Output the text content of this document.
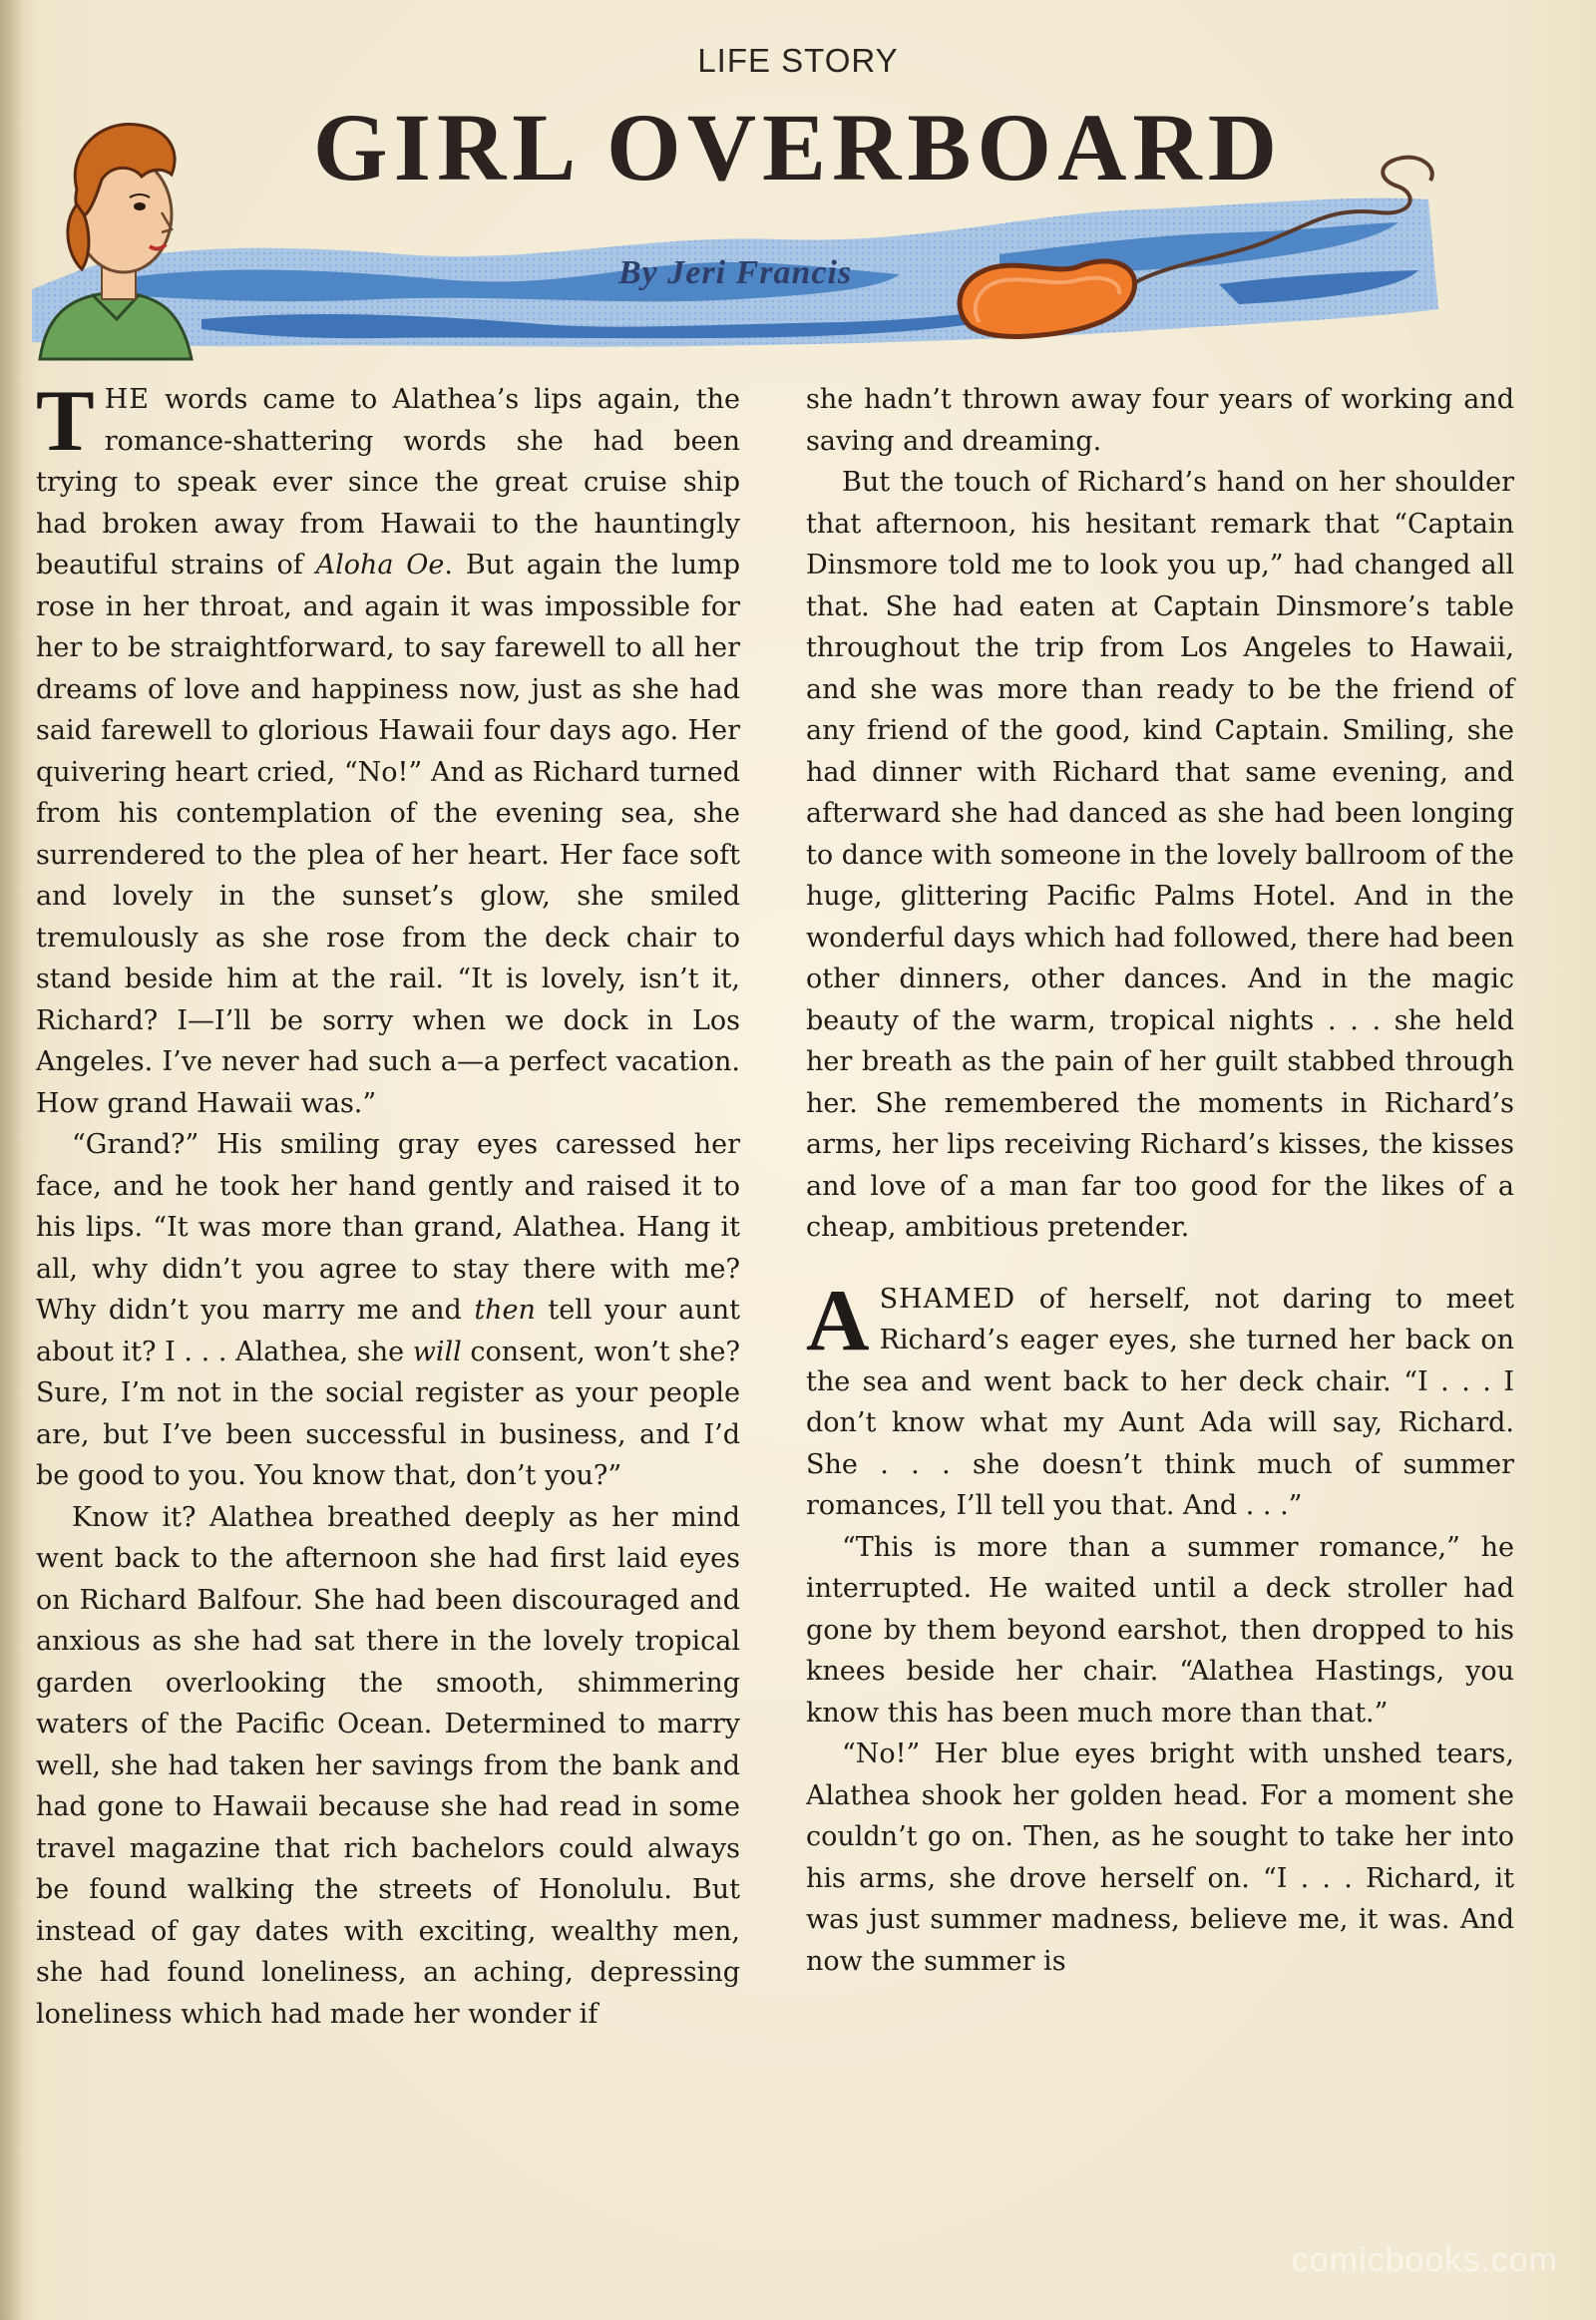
LIFE STORY
GIRL OVERBOARD
By Jeri Francis

THE words came to Alathea’s lips again, the romance-shattering words she had been trying to speak ever since the great cruise ship had broken away from Hawaii to the hauntingly beautiful strains of Aloha Oe. But again the lump rose in her throat, and again it was impossible for her to be straightforward, to say farewell to all her dreams of love and happiness now, just as she had said farewell to glorious Hawaii four days ago. Her quivering heart cried, “No!” And as Richard turned from his contemplation of the evening sea, she surrendered to the plea of her heart. Her face soft and lovely in the sunset’s glow, she smiled tremulously as she rose from the deck chair to stand beside him at the rail. “It is lovely, isn’t it, Richard? I—I’ll be sorry when we dock in Los Angeles. I’ve never had such a—a perfect vacation. How grand Hawaii was.”

“Grand?” His smiling gray eyes caressed her face, and he took her hand gently and raised it to his lips. “It was more than grand, Alathea. Hang it all, why didn’t you agree to stay there with me? Why didn’t you marry me and then tell your aunt about it? I . . . Alathea, she will consent, won’t she? Sure, I’m not in the social register as your people are, but I’ve been successful in business, and I’d be good to you. You know that, don’t you?”

Know it? Alathea breathed deeply as her mind went back to the afternoon she had first laid eyes on Richard Balfour. She had been discouraged and anxious as she had sat there in the lovely tropical garden overlooking the smooth, shimmering waters of the Pacific Ocean. Determined to marry well, she had taken her savings from the bank and had gone to Hawaii because she had read in some travel magazine that rich bachelors could always be found walking the streets of Honolulu. But instead of gay dates with exciting, wealthy men, she had found loneliness, an aching, depressing loneliness which had made her wonder if

she hadn’t thrown away four years of working and saving and dreaming.

But the touch of Richard’s hand on her shoulder that afternoon, his hesitant remark that “Captain Dinsmore told me to look you up,” had changed all that. She had eaten at Captain Dinsmore’s table throughout the trip from Los Angeles to Hawaii, and she was more than ready to be the friend of any friend of the good, kind Captain. Smiling, she had dinner with Richard that same evening, and afterward she had danced as she had been longing to dance with someone in the lovely ballroom of the huge, glittering Pacific Palms Hotel. And in the wonderful days which had followed, there had been other dinners, other dances. And in the magic beauty of the warm, tropical nights . . . she held her breath as the pain of her guilt stabbed through her. She remembered the moments in Richard’s arms, her lips receiving Richard’s kisses, the kisses and love of a man far too good for the likes of a cheap, ambitious pretender.

ASHAMED of herself, not daring to meet Richard’s eager eyes, she turned her back on the sea and went back to her deck chair. “I . . . I don’t know what my Aunt Ada will say, Richard. She . . . she doesn’t think much of summer romances, I’ll tell you that. And . . .”

“This is more than a summer romance,” he interrupted. He waited until a deck stroller had gone by them beyond earshot, then dropped to his knees beside her chair. “Alathea Hastings, you know this has been much more than that.”

“No!” Her blue eyes bright with unshed tears, Alathea shook her golden head. For a moment she couldn’t go on. Then, as he sought to take her into his arms, she drove herself on. “I . . . Richard, it was just summer madness, believe me, it was. And now the summer is

comicbooks.com
